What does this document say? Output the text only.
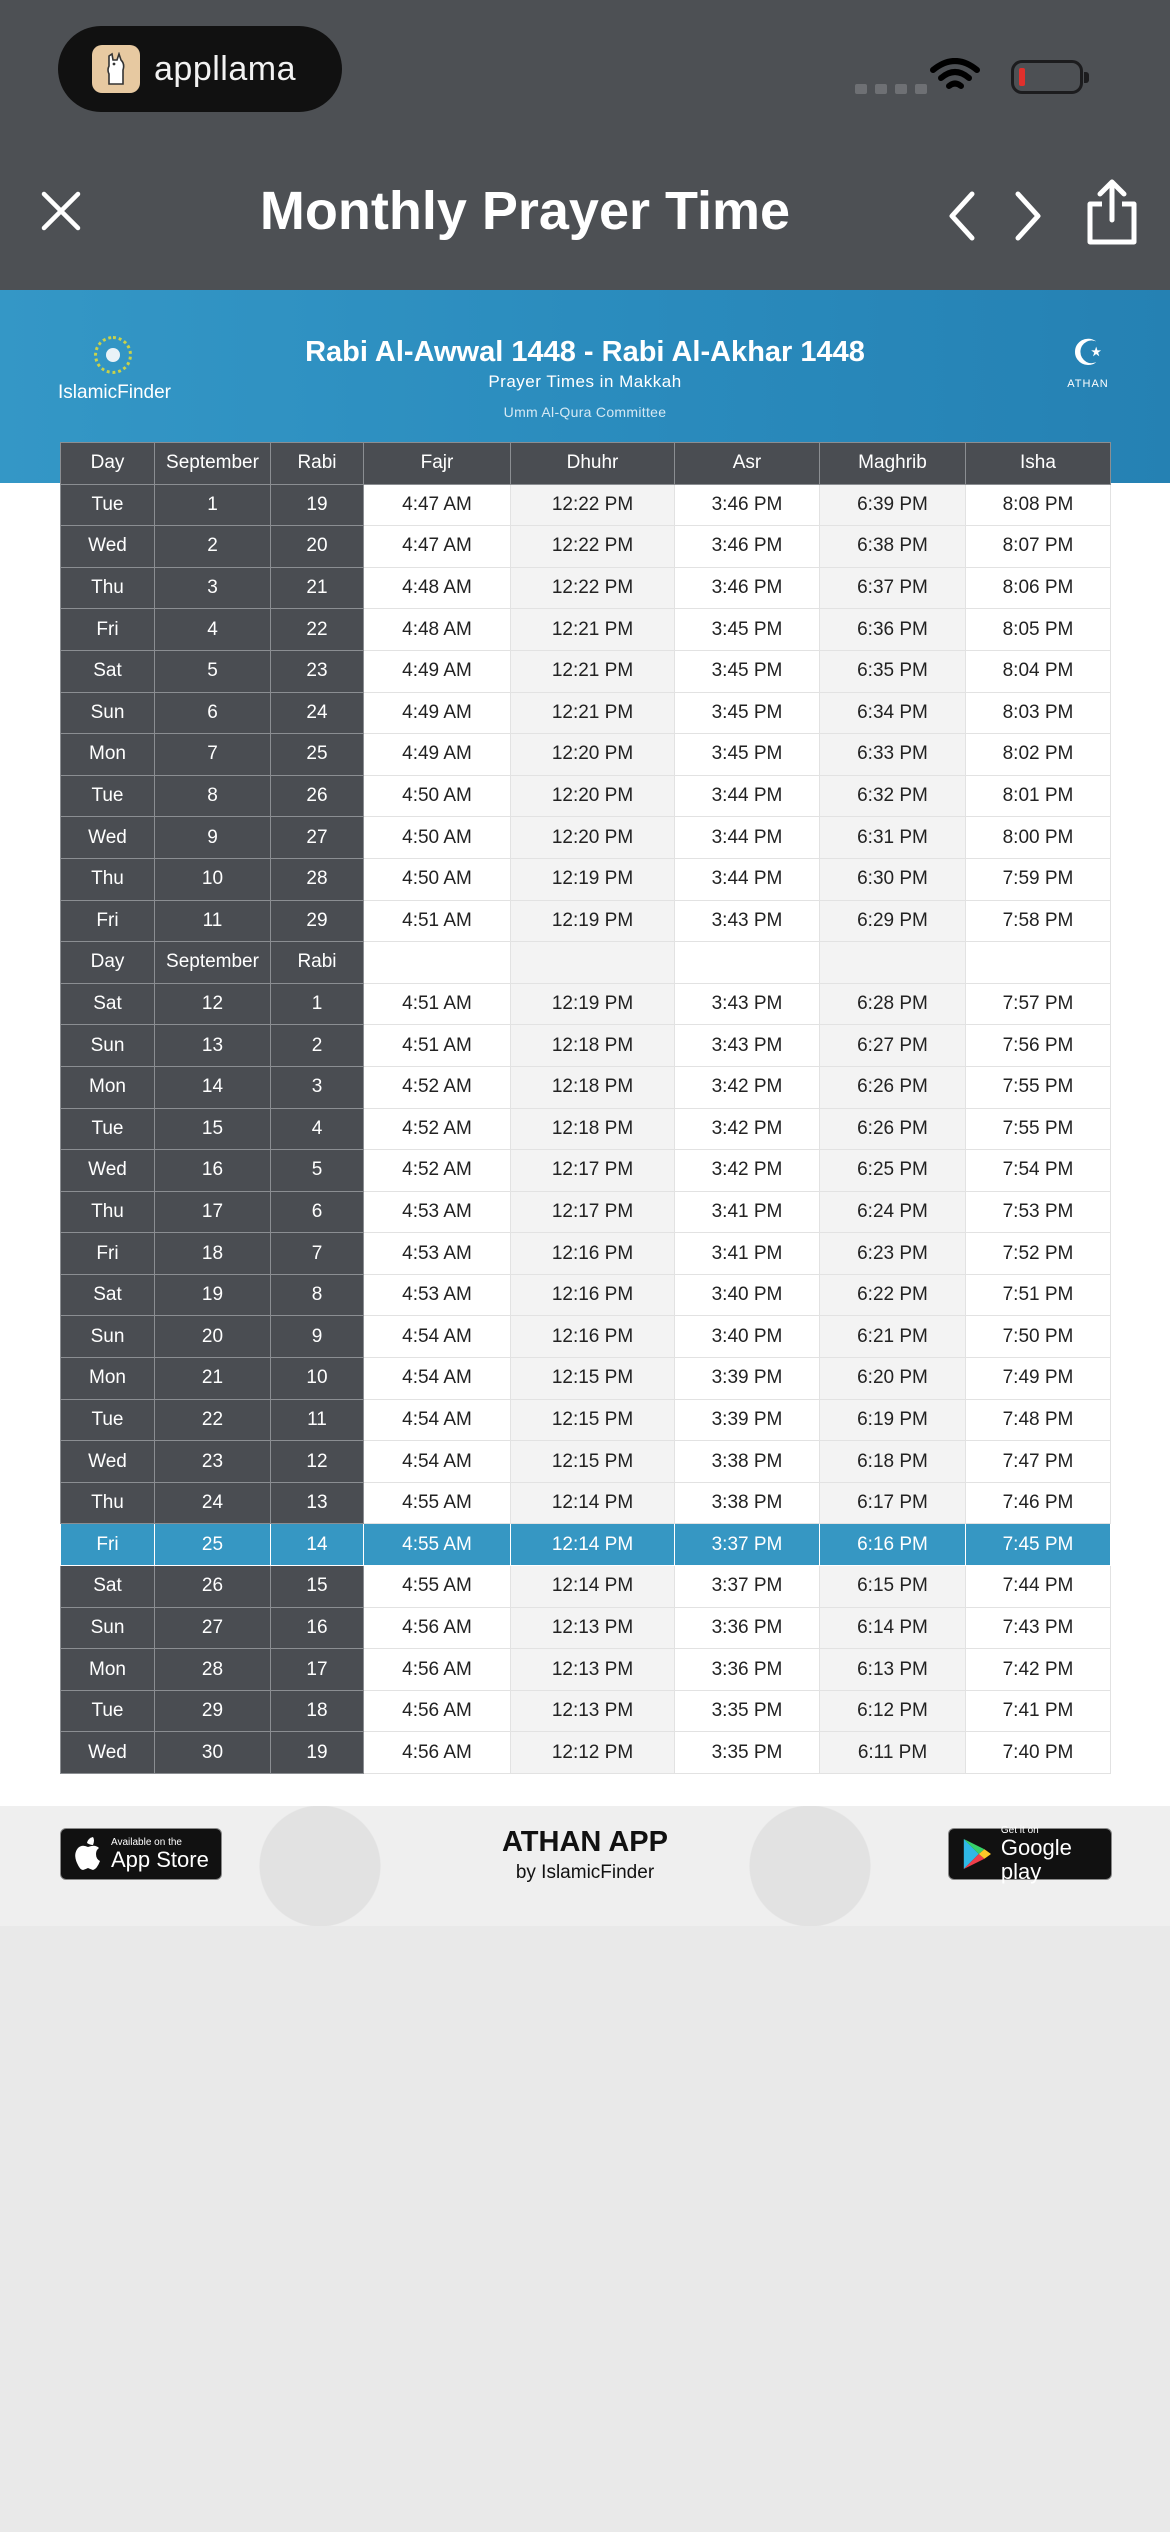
appllama
Monthly Prayer Time
IslamicFinder
Rabi Al-Awwal 1448 - Rabi Al-Akhar 1448
Prayer Times in Makkah
Umm Al-Qura Committee
☪
ATHAN
Day	September	Rabi	Fajr	Dhuhr	Asr	Maghrib	Isha
Tue	1	19	4:47 AM	12:22 PM	3:46 PM	6:39 PM	8:08 PM
Wed	2	20	4:47 AM	12:22 PM	3:46 PM	6:38 PM	8:07 PM
Thu	3	21	4:48 AM	12:22 PM	3:46 PM	6:37 PM	8:06 PM
Fri	4	22	4:48 AM	12:21 PM	3:45 PM	6:36 PM	8:05 PM
Sat	5	23	4:49 AM	12:21 PM	3:45 PM	6:35 PM	8:04 PM
Sun	6	24	4:49 AM	12:21 PM	3:45 PM	6:34 PM	8:03 PM
Mon	7	25	4:49 AM	12:20 PM	3:45 PM	6:33 PM	8:02 PM
Tue	8	26	4:50 AM	12:20 PM	3:44 PM	6:32 PM	8:01 PM
Wed	9	27	4:50 AM	12:20 PM	3:44 PM	6:31 PM	8:00 PM
Thu	10	28	4:50 AM	12:19 PM	3:44 PM	6:30 PM	7:59 PM
Fri	11	29	4:51 AM	12:19 PM	3:43 PM	6:29 PM	7:58 PM
Day	September	Rabi					
Sat	12	1	4:51 AM	12:19 PM	3:43 PM	6:28 PM	7:57 PM
Sun	13	2	4:51 AM	12:18 PM	3:43 PM	6:27 PM	7:56 PM
Mon	14	3	4:52 AM	12:18 PM	3:42 PM	6:26 PM	7:55 PM
Tue	15	4	4:52 AM	12:18 PM	3:42 PM	6:26 PM	7:55 PM
Wed	16	5	4:52 AM	12:17 PM	3:42 PM	6:25 PM	7:54 PM
Thu	17	6	4:53 AM	12:17 PM	3:41 PM	6:24 PM	7:53 PM
Fri	18	7	4:53 AM	12:16 PM	3:41 PM	6:23 PM	7:52 PM
Sat	19	8	4:53 AM	12:16 PM	3:40 PM	6:22 PM	7:51 PM
Sun	20	9	4:54 AM	12:16 PM	3:40 PM	6:21 PM	7:50 PM
Mon	21	10	4:54 AM	12:15 PM	3:39 PM	6:20 PM	7:49 PM
Tue	22	11	4:54 AM	12:15 PM	3:39 PM	6:19 PM	7:48 PM
Wed	23	12	4:54 AM	12:15 PM	3:38 PM	6:18 PM	7:47 PM
Thu	24	13	4:55 AM	12:14 PM	3:38 PM	6:17 PM	7:46 PM
Fri	25	14	4:55 AM	12:14 PM	3:37 PM	6:16 PM	7:45 PM
Sat	26	15	4:55 AM	12:14 PM	3:37 PM	6:15 PM	7:44 PM
Sun	27	16	4:56 AM	12:13 PM	3:36 PM	6:14 PM	7:43 PM
Mon	28	17	4:56 AM	12:13 PM	3:36 PM	6:13 PM	7:42 PM
Tue	29	18	4:56 AM	12:13 PM	3:35 PM	6:12 PM	7:41 PM
Wed	30	19	4:56 AM	12:12 PM	3:35 PM	6:11 PM	7:40 PM
Available on the
App Store
ATHAN APP
by IslamicFinder
Get it on
Google play
